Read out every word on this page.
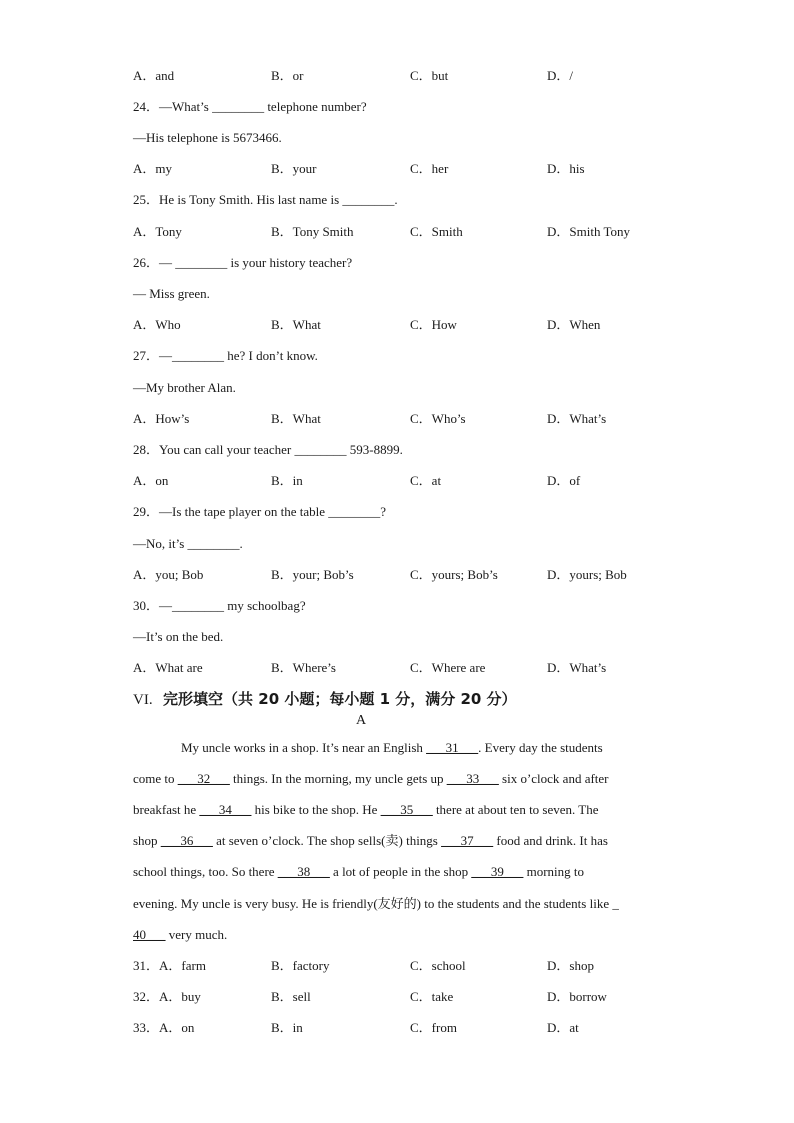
A．and	B．or	C．but	D．/
24．—What’s ________ telephone number?
—His telephone is 5673466.
A．my	B．your	C．her	D．his
25．He is Tony Smith. His last name is ________.
A．Tony	B．Tony Smith	C．Smith	D．Smith Tony
26．— ________ is your history teacher?
— Miss green.
A．Who	B．What	C．How	D．When
27．—________ he? I don’t know.
—My brother Alan.
A．How’s	B．What	C．Who’s	D．What’s
28．You can call your teacher ________ 593-8899.
A．on	B．in	C．at	D．of
29．—Is the tape player on the table ________?
—No, it’s ________.
A．you; Bob	B．your; Bob’s	C．yours; Bob’s	D．yours; Bob
30．—________ my schoolbag?
—It’s on the bed.
A．What are	B．Where’s	C．Where are	D．What’s
VI. 完形填空（共 20 小题；每小题 1 分，满分 20 分）
A
My uncle works in a shop. It’s near an English ___31___. Every day the students
come to ___32___ things. In the morning, my uncle gets up ___33___ six o’clock and after
breakfast he ___34___ his bike to the shop. He ___35___ there at about ten to seven. The
shop ___36___ at seven o’clock. The shop sells(卖) things ___37___ food and drink. It has
school things, too. So there ___38___ a lot of people in the shop ___39___ morning to
evening. My uncle is very busy. He is friendly(友好的) to the students and the students like _
40___ very much.
31．A．farm	B．factory	C．school	D．shop
32．A．buy	B．sell	C．take	D．borrow
33．A．on	B．in	C．from	D．at
